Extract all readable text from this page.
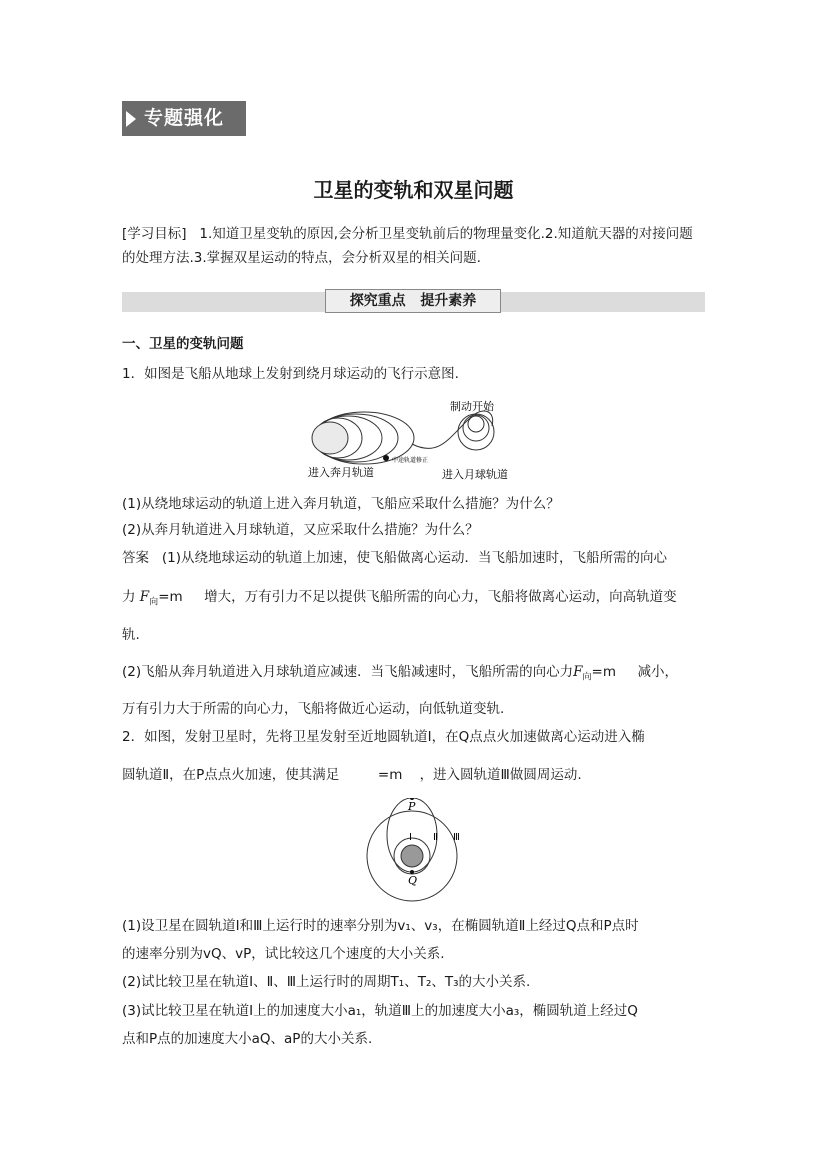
专题强化
卫星的变轨和双星问题
[学习目标] 1.知道卫星变轨的原因,会分析卫星变轨前后的物理量变化.2.知道航天器的对接问题的处理方法.3.掌握双星运动的特点，会分析双星的相关问题.
探究重点 提升素养
一、卫星的变轨问题
1．如图是飞船从地球上发射到绕月球运动的飞行示意图.
制动开始
中途轨道修正
进入奔月轨道	进入月球轨道
(1)从绕地球运动的轨道上进入奔月轨道，飞船应采取什么措施？为什么？
(2)从奔月轨道进入月球轨道，又应采取什么措施？为什么？
答案 (1)从绕地球运动的轨道上加速，使飞船做离心运动．当飞船加速时，飞船所需的向心
力 $F_向=m$ 增大，万有引力不足以提供飞船所需的向心力，飞船将做离心运动，向高轨道变
轨.
(2)飞船从奔月轨道进入月球轨道应减速．当飞船减速时，飞船所需的向心力$F_向=m$ 减小，
万有引力大于所需的向心力，飞船将做近心运动，向低轨道变轨.
2．如图，发射卫星时，先将卫星发射至近地圆轨道Ⅰ，在Q点点火加速做离心运动进入椭
圆轨道Ⅱ，在P点点火加速，使其满足	=m ，进入圆轨道Ⅲ做圆周运动.
P
Q
Ⅰ Ⅱ Ⅲ
(1)设卫星在圆轨道Ⅰ和Ⅲ上运行时的速率分别为v₁、v₃，在椭圆轨道Ⅱ上经过Q点和P点时
的速率分别为vQ、vP，试比较这几个速度的大小关系.
(2)试比较卫星在轨道Ⅰ、Ⅱ、Ⅲ上运行时的周期T₁、T₂、T₃的大小关系.
(3)试比较卫星在轨道Ⅰ上的加速度大小a₁，轨道Ⅲ上的加速度大小a₃，椭圆轨道上经过Q
点和P点的加速度大小aQ、aP的大小关系.
